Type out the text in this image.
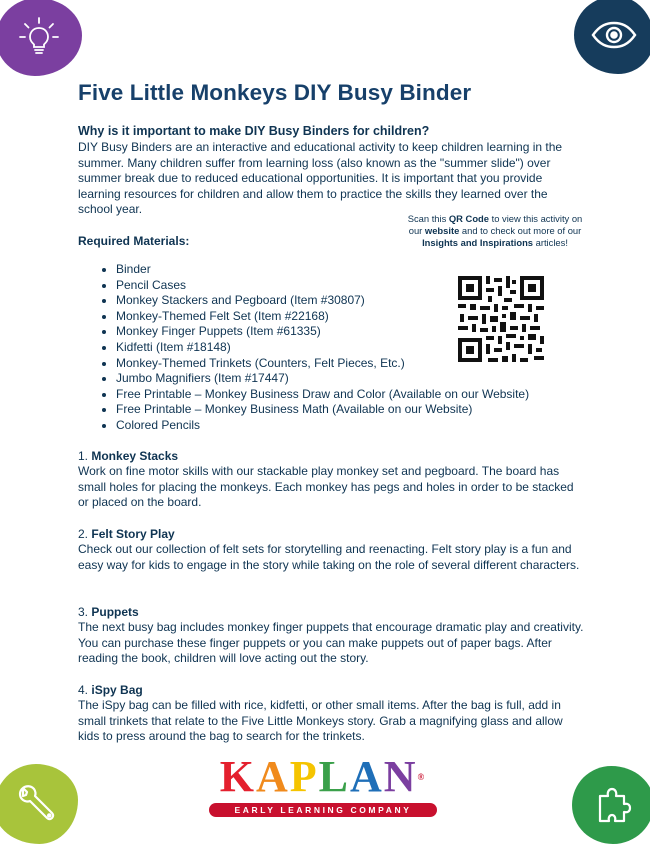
Five Little Monkeys DIY Busy Binder
Why is it important to make DIY Busy Binders for children?

DIY Busy Binders are an interactive and educational activity to keep children learning in the summer. Many children suffer from learning loss (also known as the "summer slide") over summer break due to reduced educational opportunities. It is important that you provide learning resources for children and allow them to practice the skills they learned over the school year.

Scan this QR Code to view this activity on our website and to check out more of our Insights and Inspirations articles!
Required Materials:
• Binder
• Pencil Cases
• Monkey Stackers and Pegboard (Item #30807)
• Monkey-Themed Felt Set (Item #22168)
• Monkey Finger Puppets (Item #61335)
• Kidfetti (Item #18148)
• Monkey-Themed Trinkets (Counters, Felt Pieces, Etc.)
• Jumbo Magnifiers (Item #17447)
• Free Printable – Monkey Business Draw and Color (Available on our Website)
• Free Printable – Monkey Business Math (Available on our Website)
• Colored Pencils
1. Monkey Stacks

Work on fine motor skills with our stackable play monkey set and pegboard. The board has small holes for placing the monkeys. Each monkey has pegs and holes in order to be stacked or placed on the board.

2. Felt Story Play

Check out our collection of felt sets for storytelling and reenacting. Felt story play is a fun and easy way for kids to engage in the story while taking on the role of several different characters.

3. Puppets

The next busy bag includes monkey finger puppets that encourage dramatic play and creativity. You can purchase these finger puppets or you can make puppets out of paper bags. After reading the book, children will love acting out the story.

4. iSpy Bag

The iSpy bag can be filled with rice, kidfetti, or other small items. After the bag is full, add in small trinkets that relate to the Five Little Monkeys story. Grab a magnifying glass and allow kids to press around the bag to search for the trinkets.

KAPLAN®
EARLY LEARNING COMPANY
